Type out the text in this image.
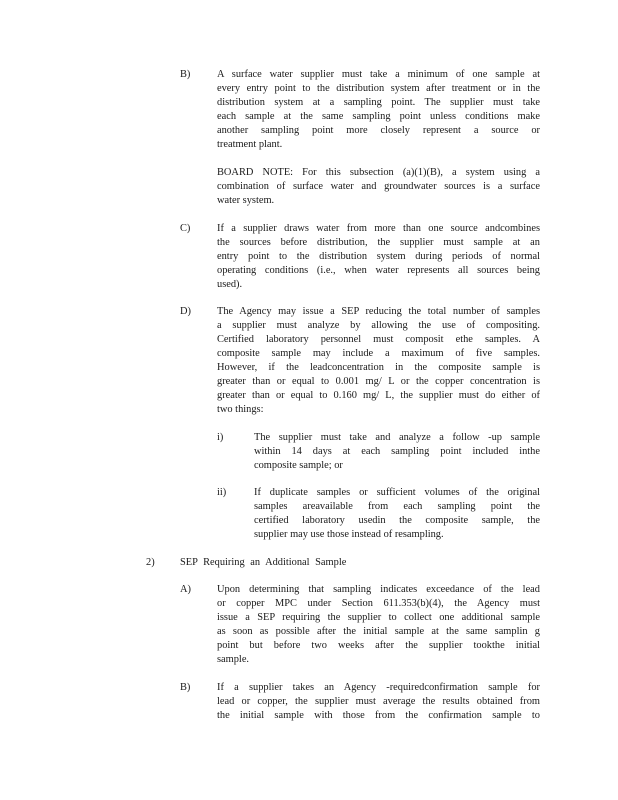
B)	A surface water supplier must take a minimum of one sample at
every entry point to the distribution system after treatment or in the
distribution system at a sampling point. The supplier must take
each sample at the same sampling point unless conditions make
another sampling point more closely represent a source or
treatment plant.
BOARD NOTE: For this subsection (a)(1)(B), a system using a
combination of surface water and groundwater sources is a surface
water system.
C)	If a supplier draws water from more than one source andcombines
the sources before distribution, the supplier must sample at an
entry point to the distribution system during periods of normal
operating conditions (i.e., when water represents all sources being
used).
D)	The Agency may issue a SEP reducing the total number of samples
a supplier must analyze by allowing the use of compositing.
Certified laboratory personnel must composit ethe samples. A
composite sample may include a maximum of five samples.
However, if the leadconcentration in the composite sample is
greater than or equal to 0.001 mg/ L or the copper concentration is
greater than or equal to 0.160 mg/ L, the supplier must do either of
two things:
i)	The supplier must take and analyze a follow -up sample
within 14 days at each sampling point included inthe
composite sample; or
ii)	If duplicate samples or sufficient volumes of the original
samples areavailable from each sampling point the
certified laboratory usedin the composite sample, the
supplier may use those instead of resampling.
2) SEP Requiring an Additional Sample
A)	Upon determining that sampling indicates exceedance of the lead
or copper MPC under Section 611.353(b)(4), the Agency must
issue a SEP requiring the supplier to collect one additional sample
as soon as possible after the initial sample at the same samplin g
point but before two weeks after the supplier tookthe initial
sample.
B)	If a supplier takes an Agency -requiredconfirmation sample for
lead or copper, the supplier must average the results obtained from
the initial sample with those from the confirmation sample to
